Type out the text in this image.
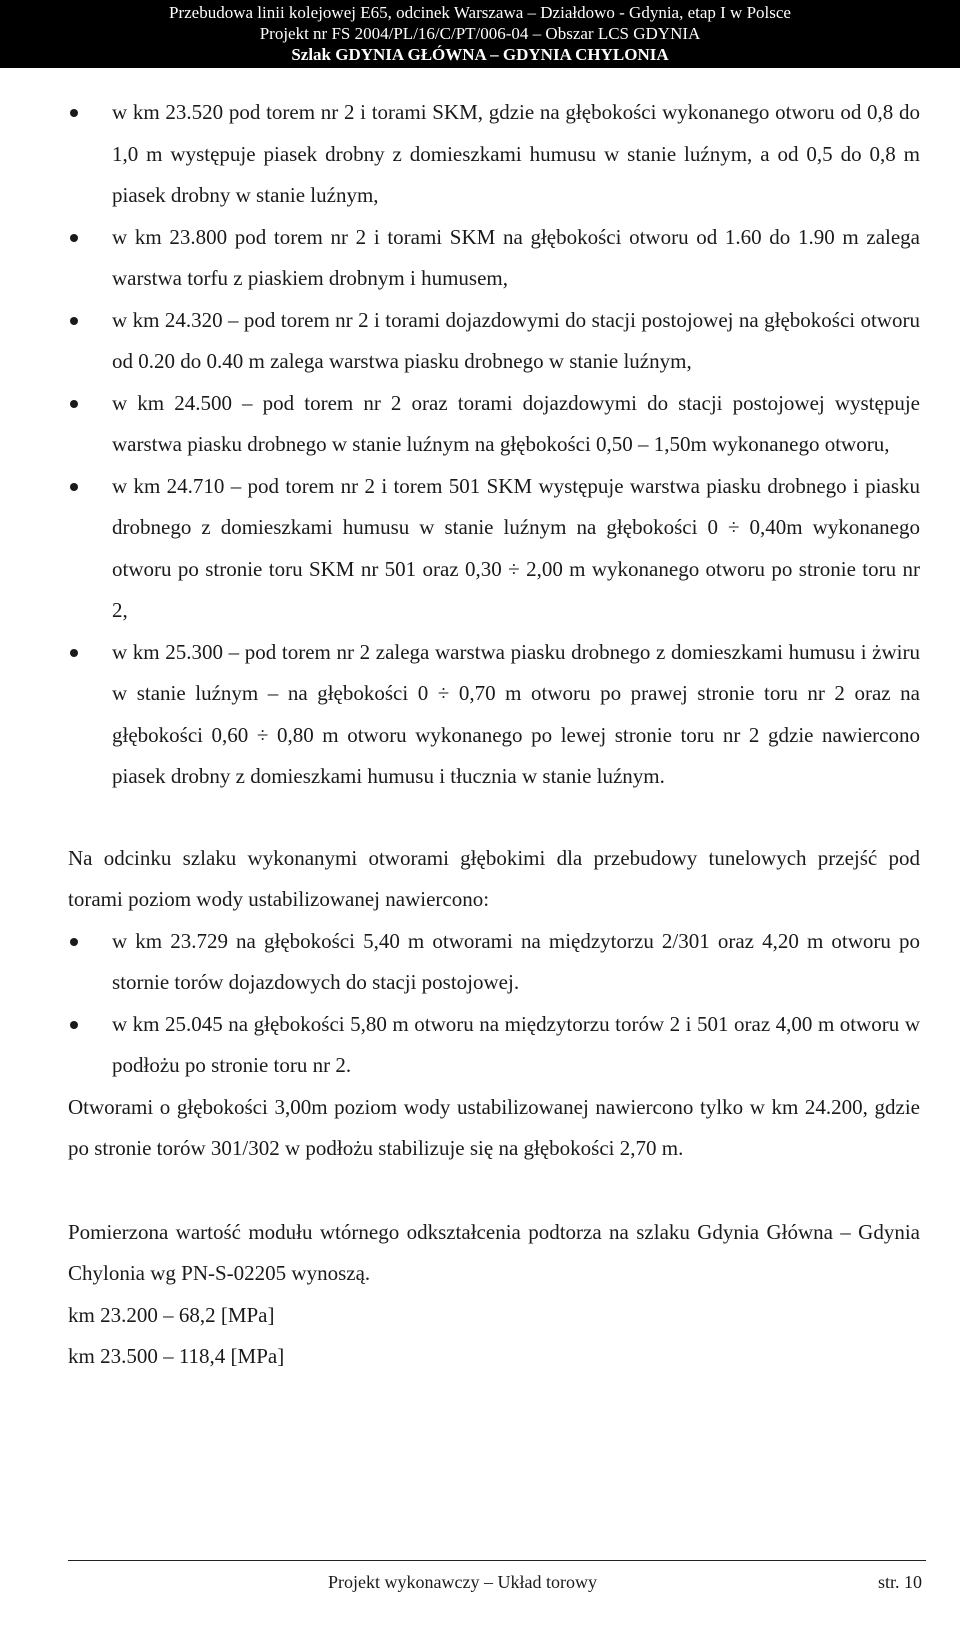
Przebudowa linii kolejowej E65, odcinek Warszawa – Działdowo - Gdynia, etap I w Polsce
Projekt nr FS 2004/PL/16/C/PT/006-04 – Obszar LCS GDYNIA
Szlak GDYNIA GŁÓWNA – GDYNIA CHYLONIA
w km 23.520 pod torem nr 2 i torami SKM, gdzie na głębokości wykonanego otworu od 0,8 do 1,0 m występuje piasek drobny z domieszkami humusu w stanie luźnym, a od 0,5 do 0,8 m piasek drobny w stanie luźnym,
w km 23.800 pod torem nr 2 i torami SKM na głębokości otworu od 1.60 do 1.90 m zalega warstwa torfu z piaskiem drobnym i humusem,
w km 24.320 – pod torem nr 2 i torami dojazdowymi do stacji postojowej na głębokości otworu od 0.20 do 0.40 m zalega warstwa piasku drobnego w stanie luźnym,
w km 24.500 – pod torem nr 2 oraz torami dojazdowymi do stacji postojowej występuje warstwa piasku drobnego w stanie luźnym na głębokości 0,50 – 1,50m wykonanego otworu,
w km 24.710 – pod torem nr 2 i torem 501 SKM występuje warstwa piasku drobnego i piasku drobnego z domieszkami humusu w stanie luźnym na głębokości 0 ÷ 0,40m wykonanego otworu po stronie toru SKM nr 501 oraz 0,30 ÷ 2,00 m wykonanego otworu po stronie toru nr 2,
w km 25.300 – pod torem nr 2 zalega warstwa piasku drobnego z domieszkami humusu i żwiru w stanie luźnym – na głębokości 0 ÷ 0,70 m otworu po prawej stronie toru nr 2 oraz na głębokości 0,60 ÷ 0,80 m otworu wykonanego po lewej stronie toru nr 2 gdzie nawiercono piasek drobny z domieszkami humusu i tłucznia w stanie luźnym.

Na odcinku szlaku wykonanymi otworami głębokimi dla przebudowy tunelowych przejść pod torami poziom wody ustabilizowanej nawiercono:

w km 23.729 na głębokości 5,40 m otworami na międzytorzu 2/301 oraz 4,20 m otworu po stornie torów dojazdowych do stacji postojowej.
w km 25.045 na głębokości 5,80 m otworu na międzytorzu torów 2 i 501 oraz 4,00 m otworu w podłożu po stronie toru nr 2.

Otworami o głębokości 3,00m poziom wody ustabilizowanej nawiercono tylko w km 24.200, gdzie po stronie torów 301/302 w podłożu stabilizuje się na głębokości 2,70 m.

Pomierzona wartość modułu wtórnego odkształcenia podtorza na szlaku Gdynia Główna – Gdynia Chylonia wg PN-S-02205 wynoszą.

km 23.200 – 68,2 [MPa]

km 23.500 – 118,4 [MPa]

Projekt wykonawczy – Układ torowy	str. 10
